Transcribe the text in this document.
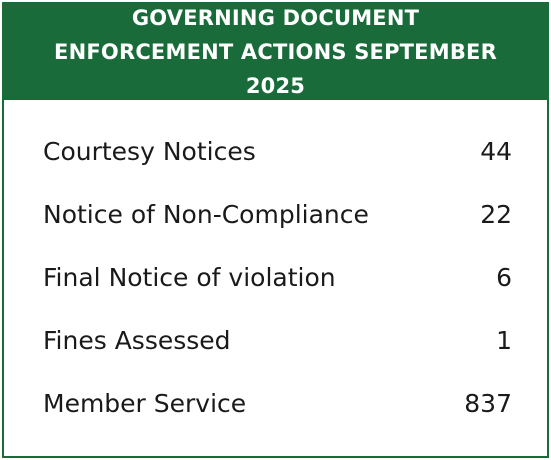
GOVERNING DOCUMENT ENFORCEMENT ACTIONS SEPTEMBER 2025
Courtesy Notices	44
Notice of Non-Compliance	22
Final Notice of violation	6
Fines Assessed	1
Member Service	837
